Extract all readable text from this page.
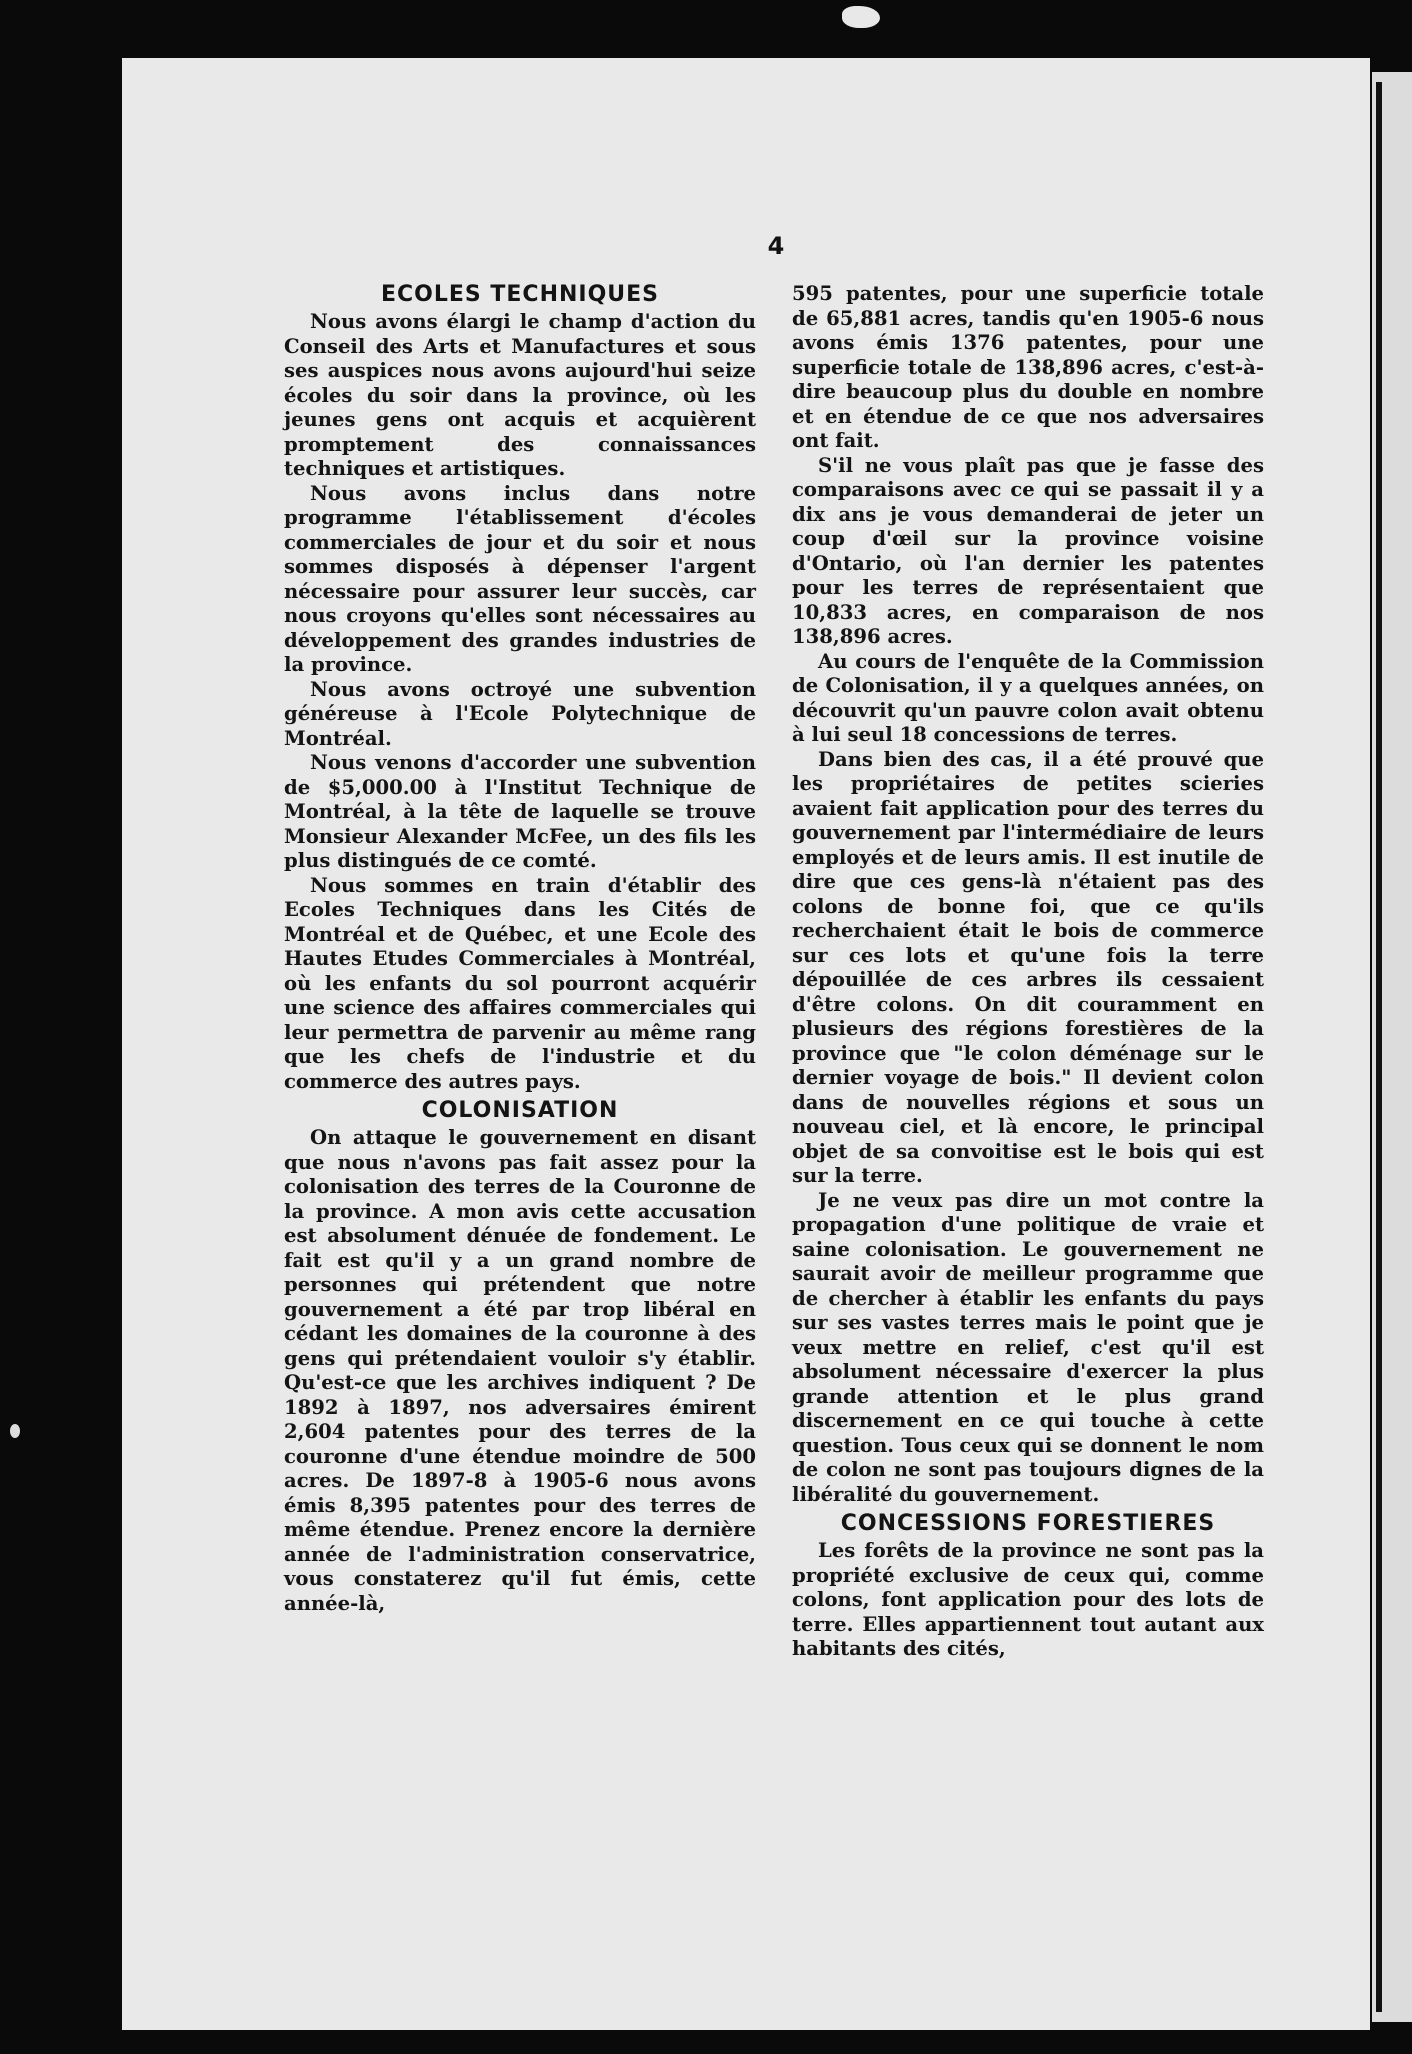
4
ECOLES TECHNIQUES

Nous avons élargi le champ d'action du Conseil des Arts et Manufactures et sous ses auspices nous avons aujourd'hui seize écoles du soir dans la province, où les jeunes gens ont acquis et acquièrent promptement des connaissances techniques et artistiques.

Nous avons inclus dans notre programme l'établissement d'écoles commerciales de jour et du soir et nous sommes disposés à dépenser l'argent nécessaire pour assurer leur succès, car nous croyons qu'elles sont nécessaires au développement des grandes industries de la province.

Nous avons octroyé une subvention généreuse à l'Ecole Polytechnique de Montréal.

Nous venons d'accorder une subvention de $5,000.00 à l'Institut Technique de Montréal, à la tête de laquelle se trouve Monsieur Alexander McFee, un des fils les plus distingués de ce comté.

Nous sommes en train d'établir des Ecoles Techniques dans les Cités de Montréal et de Québec, et une Ecole des Hautes Etudes Commerciales à Montréal, où les enfants du sol pourront acquérir une science des affaires commerciales qui leur permettra de parvenir au même rang que les chefs de l'industrie et du commerce des autres pays.

COLONISATION

On attaque le gouvernement en disant que nous n'avons pas fait assez pour la colonisation des terres de la Couronne de la province. A mon avis cette accusation est absolument dénuée de fondement. Le fait est qu'il y a un grand nombre de personnes qui prétendent que notre gouvernement a été par trop libéral en cédant les domaines de la couronne à des gens qui prétendaient vouloir s'y établir. Qu'est-ce que les archives indiquent ? De 1892 à 1897, nos adversaires émirent 2,604 patentes pour des terres de la couronne d'une étendue moindre de 500 acres. De 1897-8 à 1905-6 nous avons émis 8,395 patentes pour des terres de même étendue. Prenez encore la dernière année de l'administration conservatrice, vous constaterez qu'il fut émis, cette année-là,

595 patentes, pour une superficie totale de 65,881 acres, tandis qu'en 1905-6 nous avons émis 1376 patentes, pour une superficie totale de 138,896 acres, c'est-à-dire beaucoup plus du double en nombre et en étendue de ce que nos adversaires ont fait.

S'il ne vous plaît pas que je fasse des comparaisons avec ce qui se passait il y a dix ans je vous demanderai de jeter un coup d'œil sur la province voisine d'Ontario, où l'an dernier les patentes pour les terres de représentaient que 10,833 acres, en comparaison de nos 138,896 acres.

Au cours de l'enquête de la Commission de Colonisation, il y a quelques années, on découvrit qu'un pauvre colon avait obtenu à lui seul 18 concessions de terres.

Dans bien des cas, il a été prouvé que les propriétaires de petites scieries avaient fait application pour des terres du gouvernement par l'intermédiaire de leurs employés et de leurs amis. Il est inutile de dire que ces gens-là n'étaient pas des colons de bonne foi, que ce qu'ils recherchaient était le bois de commerce sur ces lots et qu'une fois la terre dépouillée de ces arbres ils cessaient d'être colons. On dit couramment en plusieurs des régions forestières de la province que "le colon déménage sur le dernier voyage de bois." Il devient colon dans de nouvelles régions et sous un nouveau ciel, et là encore, le principal objet de sa convoitise est le bois qui est sur la terre.

Je ne veux pas dire un mot contre la propagation d'une politique de vraie et saine colonisation. Le gouvernement ne saurait avoir de meilleur programme que de chercher à établir les enfants du pays sur ses vastes terres mais le point que je veux mettre en relief, c'est qu'il est absolument nécessaire d'exercer la plus grande attention et le plus grand discernement en ce qui touche à cette question. Tous ceux qui se donnent le nom de colon ne sont pas toujours dignes de la libéralité du gouvernement.

CONCESSIONS FORESTIERES

Les forêts de la province ne sont pas la propriété exclusive de ceux qui, comme colons, font application pour des lots de terre. Elles appartiennent tout autant aux habitants des cités,
